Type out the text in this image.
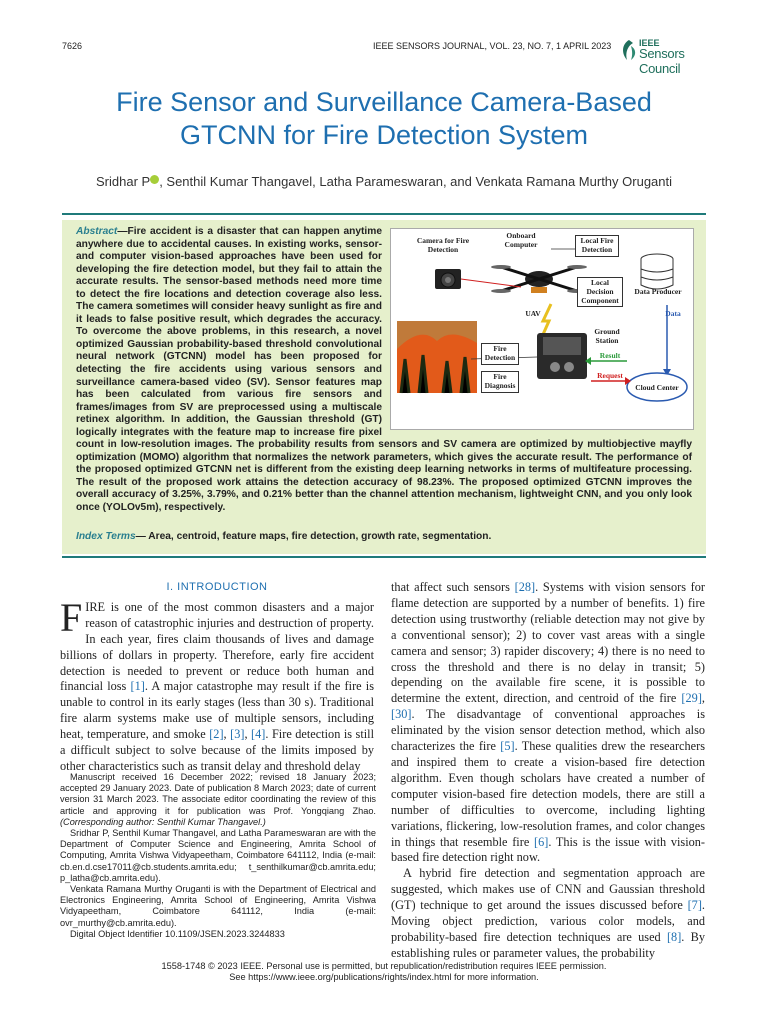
7626	IEEE SENSORS JOURNAL, VOL. 23, NO. 7, 1 APRIL 2023	IEEE
Sensors Council
Fire Sensor and Surveillance Camera-Based
GTCNN for Fire Detection System
Sridhar P , Senthil Kumar Thangavel, Latha Parameswaran, and Venkata Ramana Murthy Oruganti
Camera for Fire Detection
Onboard Computer	Local Fire Detection
Local Decision Component
Data Producer
UAV	Data
Ground Station
Fire Detection
Fire Diagnosis
Result
Request
Cloud Center
Abstract—Fire accident is a disaster that can happen anytime anywhere due to accidental causes. In existing works, sensor- and computer vision-based approaches have been used for developing the fire detection model, but they fail to attain the accurate results. The sensor-based methods need more time to detect the fire locations and detection coverage also less. The camera sometimes will consider heavy sunlight as fire and it leads to false positive result, which degrades the accuracy. To overcome the above problems, in this research, a novel optimized Gaussian probability-based threshold convolutional neural network (GTCNN) model has been proposed for detecting the fire accidents using various sensors and surveillance camera-based video (SV). Sensor features map has been calculated from various fire sensors and frames/images from SV are preprocessed using a multiscale retinex algorithm. In addition, the Gaussian threshold (GT) logically integrates with the feature map to increase fire pixel count in low-resolution images. The probability results from sensors and SV camera are optimized by multiobjective mayfly optimization (MOMO) algorithm that normalizes the network parameters, which gives the accurate result. The performance of the proposed optimized GTCNN net is different from the existing deep learning networks in terms of multifeature processing. The result of the proposed work attains the detection accuracy of 98.23%. The proposed optimized GTCNN improves the overall accuracy of 3.25%, 3.79%, and 0.21% better than the channel attention mechanism, lightweight CNN, and you only look once (YOLOv5m), respectively.
Index Terms— Area, centroid, feature maps, fire detection, growth rate, segmentation.
I. INTRODUCTION

FIRE is one of the most common disasters and a major reason of catastrophic injuries and destruction of property. In each year, fires claim thousands of lives and damage billions of dollars in property. Therefore, early fire accident detection is needed to prevent or reduce both human and financial loss [1]. A major catastrophe may result if the fire is unable to control in its early stages (less than 30 s). Traditional fire alarm systems make use of multiple sensors, including heat, temperature, and smoke [2], [3], [4]. Fire detection is still a difficult subject to solve because of the limits imposed by other characteristics such as transit delay and threshold delay

Manuscript received 16 December 2022; revised 18 January 2023; accepted 29 January 2023. Date of publication 8 March 2023; date of current version 31 March 2023. The associate editor coordinating the review of this article and approving it for publication was Prof. Yongqiang Zhao. (Corresponding author: Senthil Kumar Thangavel.)

Sridhar P, Senthil Kumar Thangavel, and Latha Parameswaran are with the Department of Computer Science and Engineering, Amrita School of Computing, Amrita Vishwa Vidyapeetham, Coimbatore 641112, India (e-mail: cb.en.d.cse17011@cb.students.amrita.edu; t_senthilkumar@cb.amrita.edu; p_latha@cb.amrita.edu).

Venkata Ramana Murthy Oruganti is with the Department of Electrical and Electronics Engineering, Amrita School of Engineering, Amrita Vishwa Vidyapeetham, Coimbatore 641112, India (e-mail: ovr_murthy@cb.amrita.edu).

Digital Object Identifier 10.1109/JSEN.2023.3244833

that affect such sensors [28]. Systems with vision sensors for flame detection are supported by a number of benefits. 1) fire detection using trustworthy (reliable detection may not give by a conventional sensor); 2) to cover vast areas with a single camera and sensor; 3) rapider discovery; 4) there is no need to cross the threshold and there is no delay in transit; 5) depending on the available fire scene, it is possible to determine the extent, direction, and centroid of the fire [29], [30]. The disadvantage of conventional approaches is eliminated by the vision sensor detection method, which also characterizes the fire [5]. These qualities drew the researchers and inspired them to create a vision-based fire detection algorithm. Even though scholars have created a number of computer vision-based fire detection models, there are still a number of difficulties to overcome, including lighting variations, flickering, low-resolution frames, and color changes in things that resemble fire [6]. This is the issue with vision-based fire detection right now.

A hybrid fire detection and segmentation approach are suggested, which makes use of CNN and Gaussian threshold (GT) technique to get around the issues discussed before [7]. Moving object prediction, various color models, and probability-based fire detection techniques are used [8]. By establishing rules or parameter values, the probability

1558-1748 © 2023 IEEE. Personal use is permitted, but republication/redistribution requires IEEE permission.
See https://www.ieee.org/publications/rights/index.html for more information.
